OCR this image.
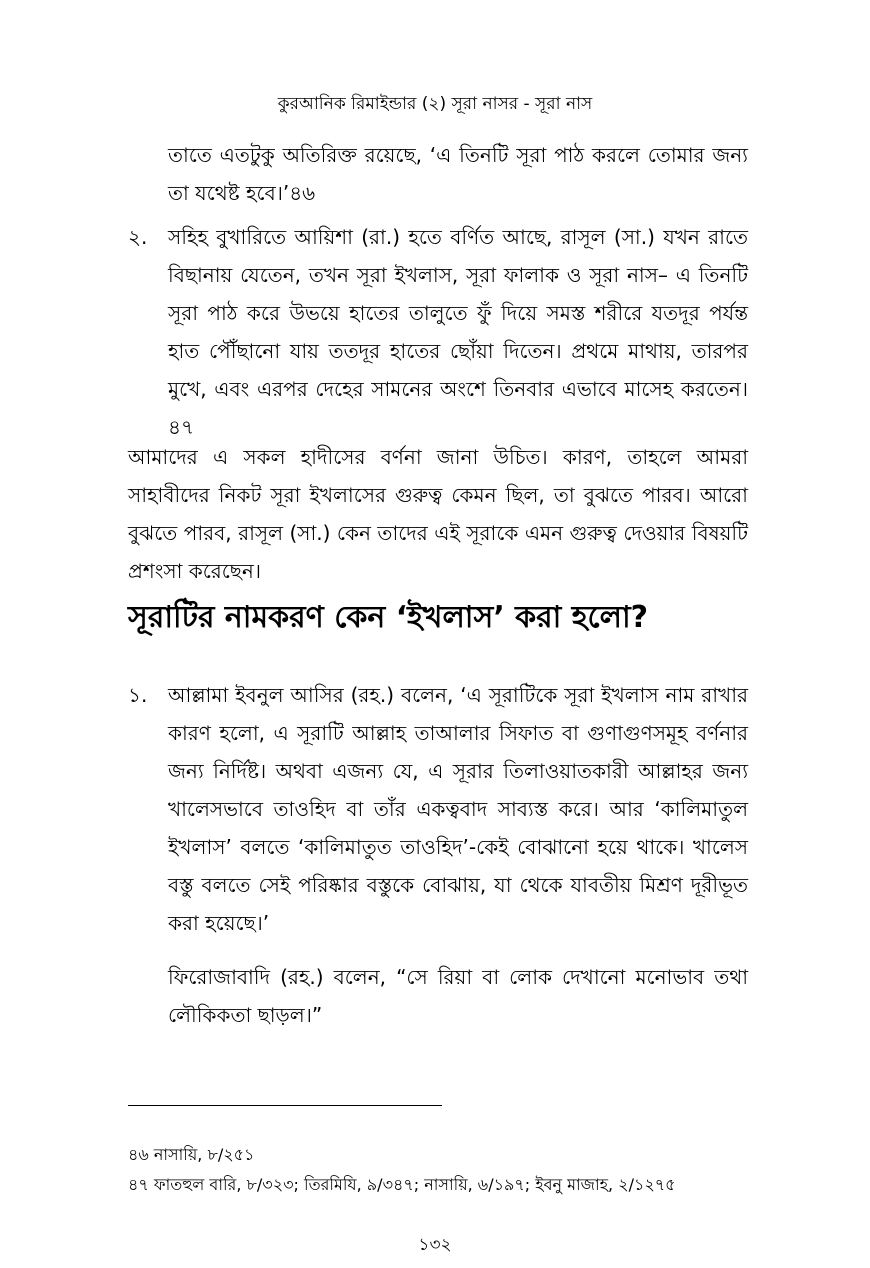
কুরআনিক রিমাইন্ডার (২) সূরা নাসর - সূরা নাস

তাতে এতটুকু অতিরিক্ত রয়েছে, ‘এ তিনটি সূরা পাঠ করলে তোমার জন্য তা যথেষ্ট হবে।’৪৬

২. সহিহ বুখারিতে আয়িশা (রা.) হতে বর্ণিত আছে, রাসূল (সা.) যখন রাতে বিছানায় যেতেন, তখন সূরা ইখলাস, সূরা ফালাক ও সূরা নাস– এ তিনটি সূরা পাঠ করে উভয়ে হাতের তালুতে ফুঁ দিয়ে সমস্ত শরীরে যতদূর পর্যন্ত হাত পৌঁছানো যায় ততদূর হাতের ছোঁয়া দিতেন। প্রথমে মাথায়, তারপর মুখে, এবং এরপর দেহের সামনের অংশে তিনবার এভাবে মাসেহ করতেন।৪৭

আমাদের এ সকল হাদীসের বর্ণনা জানা উচিত। কারণ, তাহলে আমরা সাহাবীদের নিকট সূরা ইখলাসের গুরুত্ব কেমন ছিল, তা বুঝতে পারব। আরো বুঝতে পারব, রাসূল (সা.) কেন তাদের এই সূরাকে এমন গুরুত্ব দেওয়ার বিষয়টি প্রশংসা করেছেন।

সূরাটির নামকরণ কেন ‘ইখলাস’ করা হলো?
১. আল্লামা ইবনুল আসির (রহ.) বলেন, ‘এ সূরাটিকে সূরা ইখলাস নাম রাখার কারণ হলো, এ সূরাটি আল্লাহ তাআলার সিফাত বা গুণাগুণসমূহ বর্ণনার জন্য নির্দিষ্ট। অথবা এজন্য যে, এ সূরার তিলাওয়াতকারী আল্লাহর জন্য খালেসভাবে তাওহিদ বা তাঁর একত্ববাদ সাব্যস্ত করে। আর ‘কালিমাতুল ইখলাস’ বলতে ‘কালিমাতুত তাওহিদ’-কেই বোঝানো হয়ে থাকে। খালেস বস্তু বলতে সেই পরিষ্কার বস্তুকে বোঝায়, যা থেকে যাবতীয় মিশ্রণ দূরীভূত করা হয়েছে।’

ফিরোজাবাদি (রহ.) বলেন, “সে রিয়া বা লোক দেখানো মনোভাব তথা লৌকিকতা ছাড়ল।”

৪৬ নাসায়ি, ৮/২৫১

৪৭ ফাতহুল বারি, ৮/৩২৩; তিরমিযি, ৯/৩৪৭; নাসায়ি, ৬/১৯৭; ইবনু মাজাহ, ২/১২৭৫

১৩২
